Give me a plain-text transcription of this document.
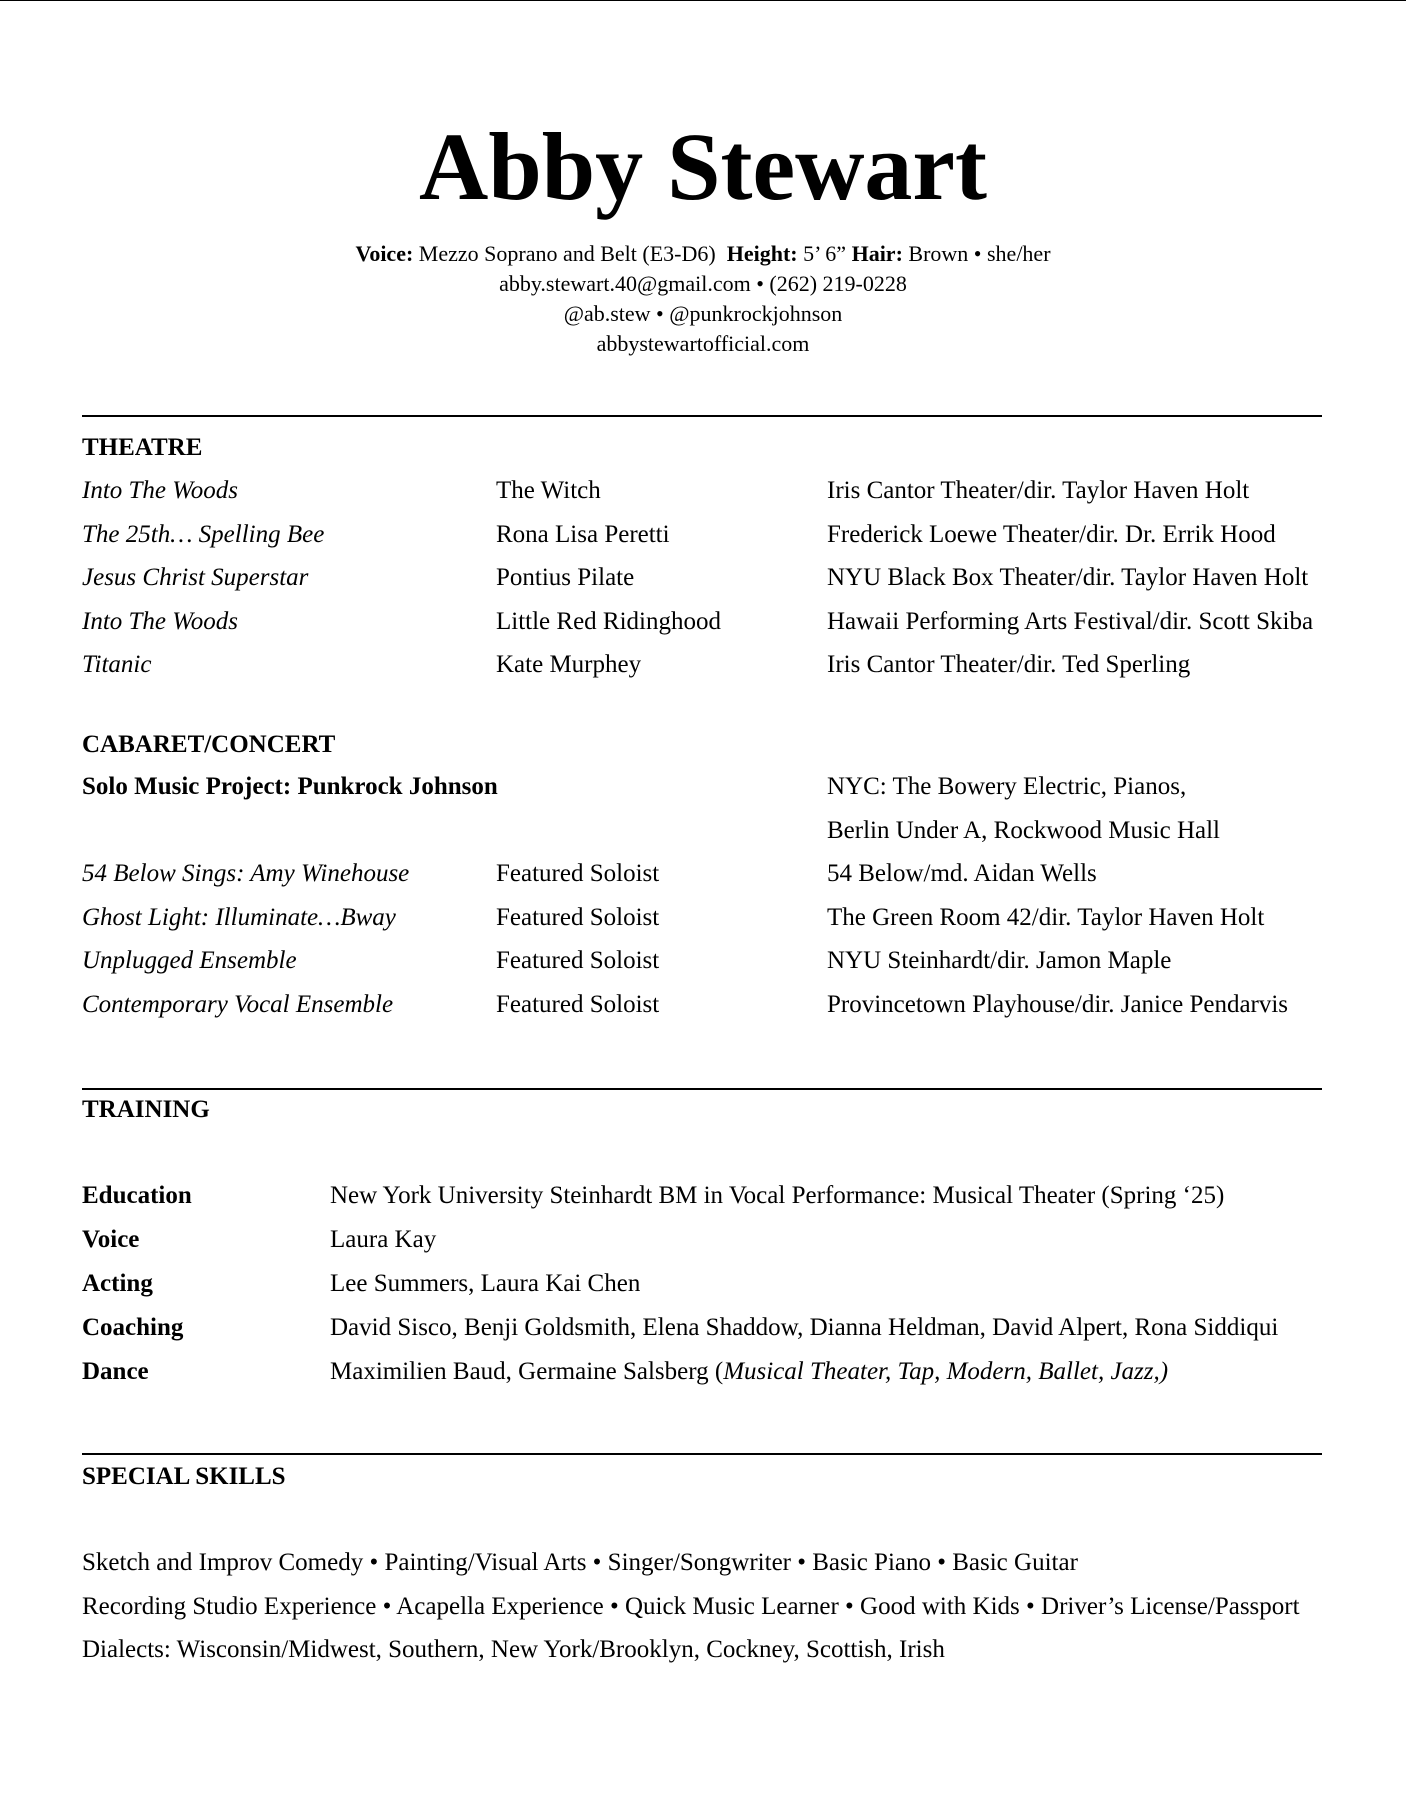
Abby Stewart
Voice: Mezzo Soprano and Belt (E3-D6) Height: 5’ 6” Hair: Brown • she/her
abby.stewart.40@gmail.com • (262) 219-0228
@ab.stew • @punkrockjohnson
abbystewartofficial.com
THEATRE
Into The Woods	The Witch	Iris Cantor Theater/dir. Taylor Haven Holt
The 25th… Spelling Bee	Rona Lisa Peretti	Frederick Loewe Theater/dir. Dr. Errik Hood
Jesus Christ Superstar	Pontius Pilate	NYU Black Box Theater/dir. Taylor Haven Holt
Into The Woods	Little Red Ridinghood	Hawaii Performing Arts Festival/dir. Scott Skiba
Titanic	Kate Murphey	Iris Cantor Theater/dir. Ted Sperling
CABARET/CONCERT
Solo Music Project: Punkrock Johnson	NYC: The Bowery Electric, Pianos,
Berlin Under A, Rockwood Music Hall
54 Below Sings: Amy Winehouse	Featured Soloist	54 Below/md. Aidan Wells
Ghost Light: Illuminate…Bway	Featured Soloist	The Green Room 42/dir. Taylor Haven Holt
Unplugged Ensemble	Featured Soloist	NYU Steinhardt/dir. Jamon Maple
Contemporary Vocal Ensemble	Featured Soloist	Provincetown Playhouse/dir. Janice Pendarvis
TRAINING
Education	New York University Steinhardt BM in Vocal Performance: Musical Theater (Spring ‘25)
Voice	Laura Kay
Acting	Lee Summers, Laura Kai Chen
Coaching	David Sisco, Benji Goldsmith, Elena Shaddow, Dianna Heldman, David Alpert, Rona Siddiqui
Dance	Maximilien Baud, Germaine Salsberg (Musical Theater, Tap, Modern, Ballet, Jazz,)
SPECIAL SKILLS
Sketch and Improv Comedy • Painting/Visual Arts • Singer/Songwriter • Basic Piano • Basic Guitar
Recording Studio Experience • Acapella Experience • Quick Music Learner • Good with Kids • Driver’s License/Passport
Dialects: Wisconsin/Midwest, Southern, New York/Brooklyn, Cockney, Scottish, Irish
